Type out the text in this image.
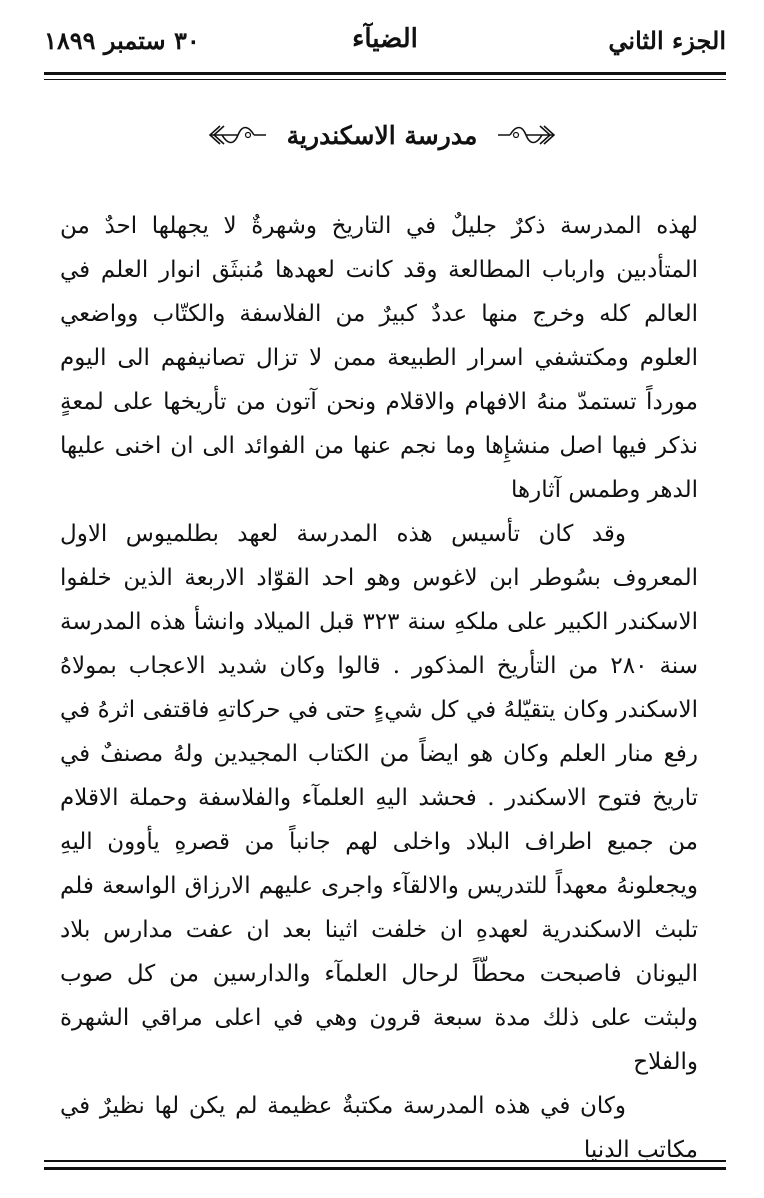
الجزء الثاني
الضيآء
٣٠ ستمبر ١٨٩٩
مدرسة الاسكندرية

لهذه المدرسة ذكرٌ جليلٌ في التاريخ وشهرةٌ لا يجهلها احدٌ من المتأدبين وارباب المطالعة وقد كانت لعهدها مُنبثَق انوار العلم في العالم كله وخرج منها عددٌ كبيرٌ من الفلاسفة والكتّاب وواضعي العلوم ومكتشفي اسرار الطبيعة ممن لا تزال تصانيفهم الى اليوم مورداً تستمدّ منهُ الافهام والاقلام ونحن آتون من تأريخها على لمعةٍ نذكر فيها اصل منشإِها وما نجم عنها من الفوائد الى ان اخنى عليها الدهر وطمس آثارها

وقد كان تأسيس هذه المدرسة لعهد بطلميوس الاول المعروف بسُوطر ابن لاغوس وهو احد القوّاد الاربعة الذين خلفوا الاسكندر الكبير على ملكهِ سنة ٣٢٣ قبل الميلاد وانشأ هذه المدرسة سنة ٢٨٠ من التأريخ المذكور . قالوا وكان شديد الاعجاب بمولاهُ الاسكندر وكان يتقيّلهُ في كل شيءٍ حتى في حركاتهِ فاقتفى اثرهُ في رفع منار العلم وكان هو ايضاً من الكتاب المجيدين ولهُ مصنفٌ في تاريخ فتوح الاسكندر . فحشد اليهِ العلمآء والفلاسفة وحملة الاقلام من جميع اطراف البلاد واخلى لهم جانباً من قصرهِ يأوون اليهِ ويجعلونهُ معهداً للتدريس والالقآء واجرى عليهم الارزاق الواسعة فلم تلبث الاسكندرية لعهدهِ ان خلفت اثينا بعد ان عفت مدارس بلاد اليونان فاصبحت محطّاً لرحال العلمآء والدارسين من كل صوب ولبثت على ذلك مدة سبعة قرون وهي في اعلى مراقي الشهرة والفلاح

وكان في هذه المدرسة مكتبةٌ عظيمة لم يكن لها نظيرٌ في مكاتب الدنيا
